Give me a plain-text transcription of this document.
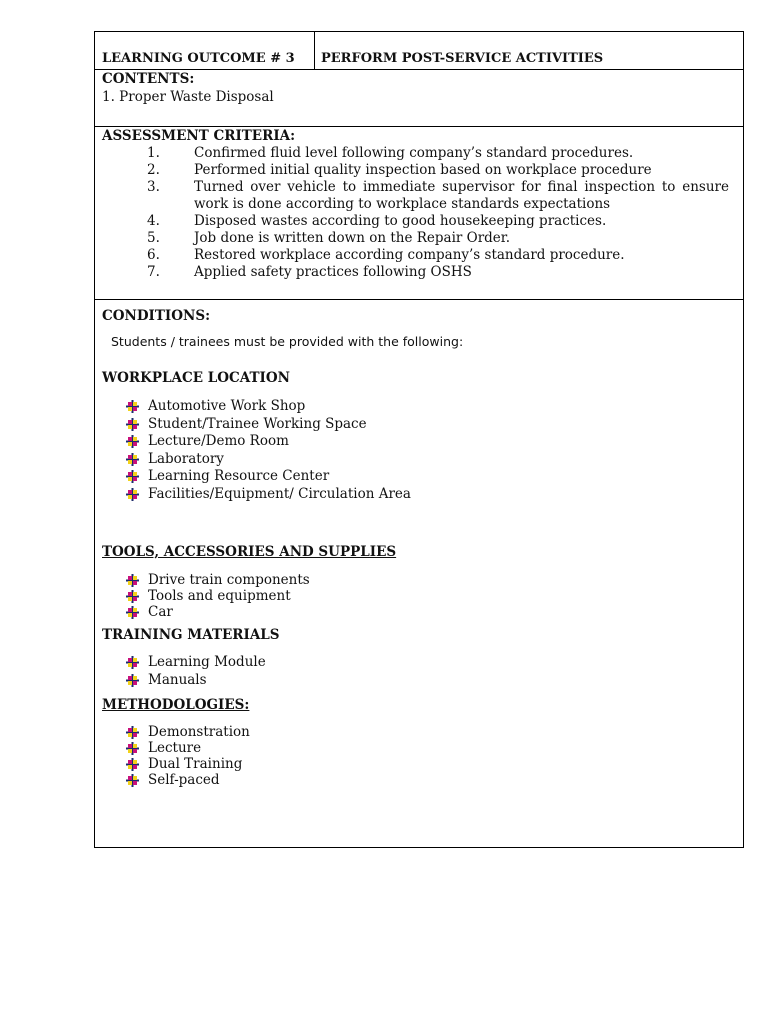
LEARNING OUTCOME # 3 PERFORM POST-SERVICE ACTIVITIES
CONTENTS:
1. Proper Waste Disposal
ASSESSMENT CRITERIA:
1.	Confirmed fluid level following company’s standard procedures.
2.	Performed initial quality inspection based on workplace procedure
3.	Turned over vehicle to immediate supervisor for final inspection to ensure work is done according to workplace standards expectations
4.	Disposed wastes according to good housekeeping practices.
5.	Job done is written down on the Repair Order.
6.	Restored workplace according company’s standard procedure.
7.	Applied safety practices following OSHS
CONDITIONS:
Students / trainees must be provided with the following:
WORKPLACE LOCATION
Automotive Work Shop
Student/Trainee Working Space
Lecture/Demo Room
Laboratory
Learning Resource Center
Facilities/Equipment/ Circulation Area
TOOLS, ACCESSORIES AND SUPPLIES
Drive train components
Tools and equipment
Car
TRAINING MATERIALS
Learning Module
Manuals
METHODOLOGIES:
Demonstration
Lecture
Dual Training
Self-paced
